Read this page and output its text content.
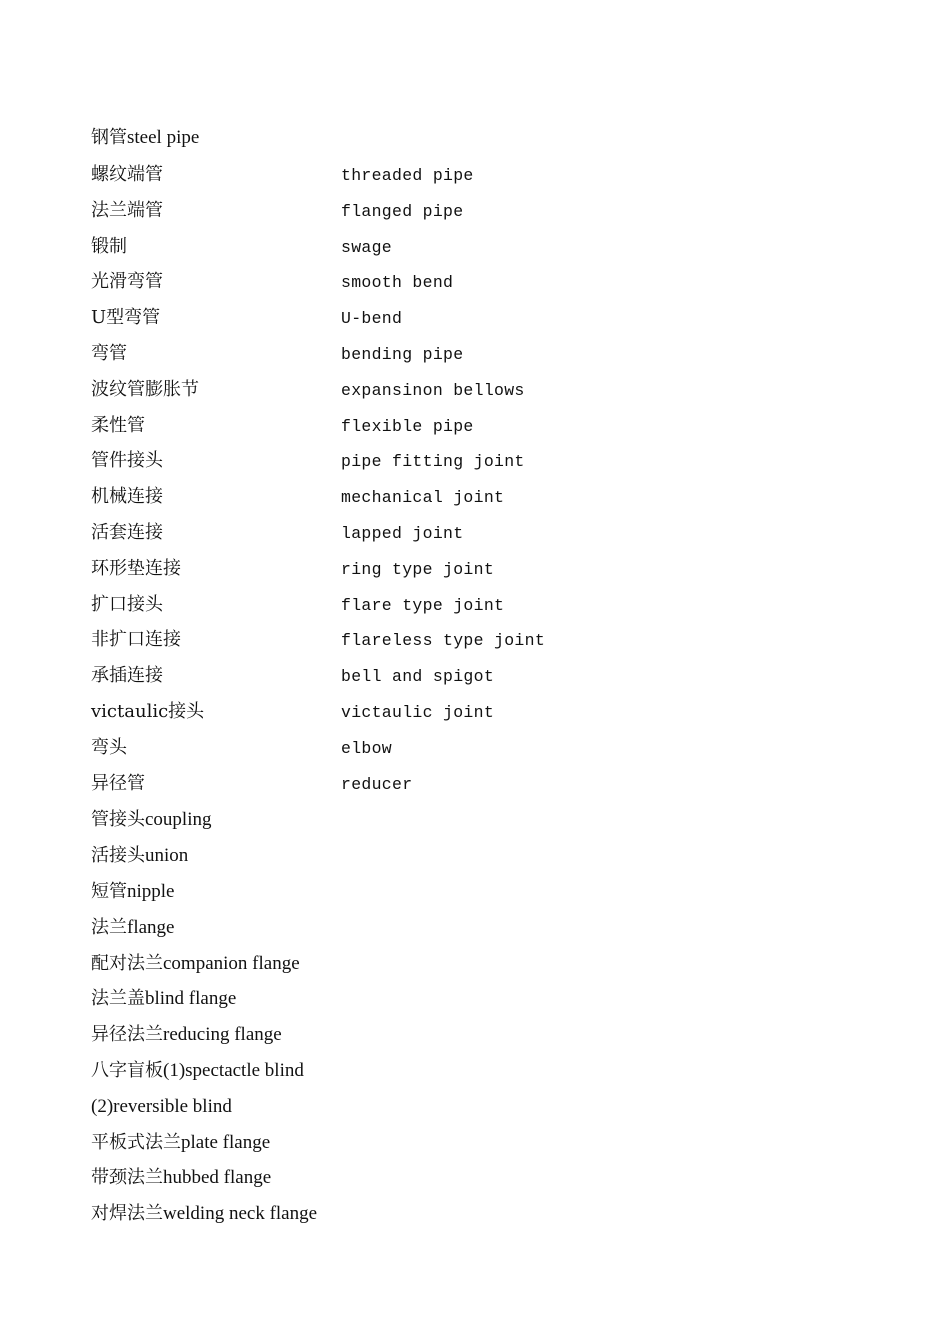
钢管steel pipe
螺纹端管	threaded pipe
法兰端管	flanged pipe
锻制	swage
光滑弯管	smooth bend
U型弯管	U-bend
弯管	bending pipe
波纹管膨胀节	expansinon bellows
柔性管	flexible pipe
管件接头	pipe fitting joint
机械连接	mechanical joint
活套连接	lapped joint
环形垫连接	ring type joint
扩口接头	flare type joint
非扩口连接	flareless type joint
承插连接	bell and spigot
victaulic接头	victaulic joint
弯头	elbow
异径管	reducer
管接头coupling
活接头union
短管nipple
法兰flange
配对法兰companion flange
法兰盖blind flange
异径法兰reducing flange
八字盲板(1)spectactle blind
(2)reversible blind
平板式法兰plate flange
带颈法兰hubbed flange
对焊法兰welding neck flange
